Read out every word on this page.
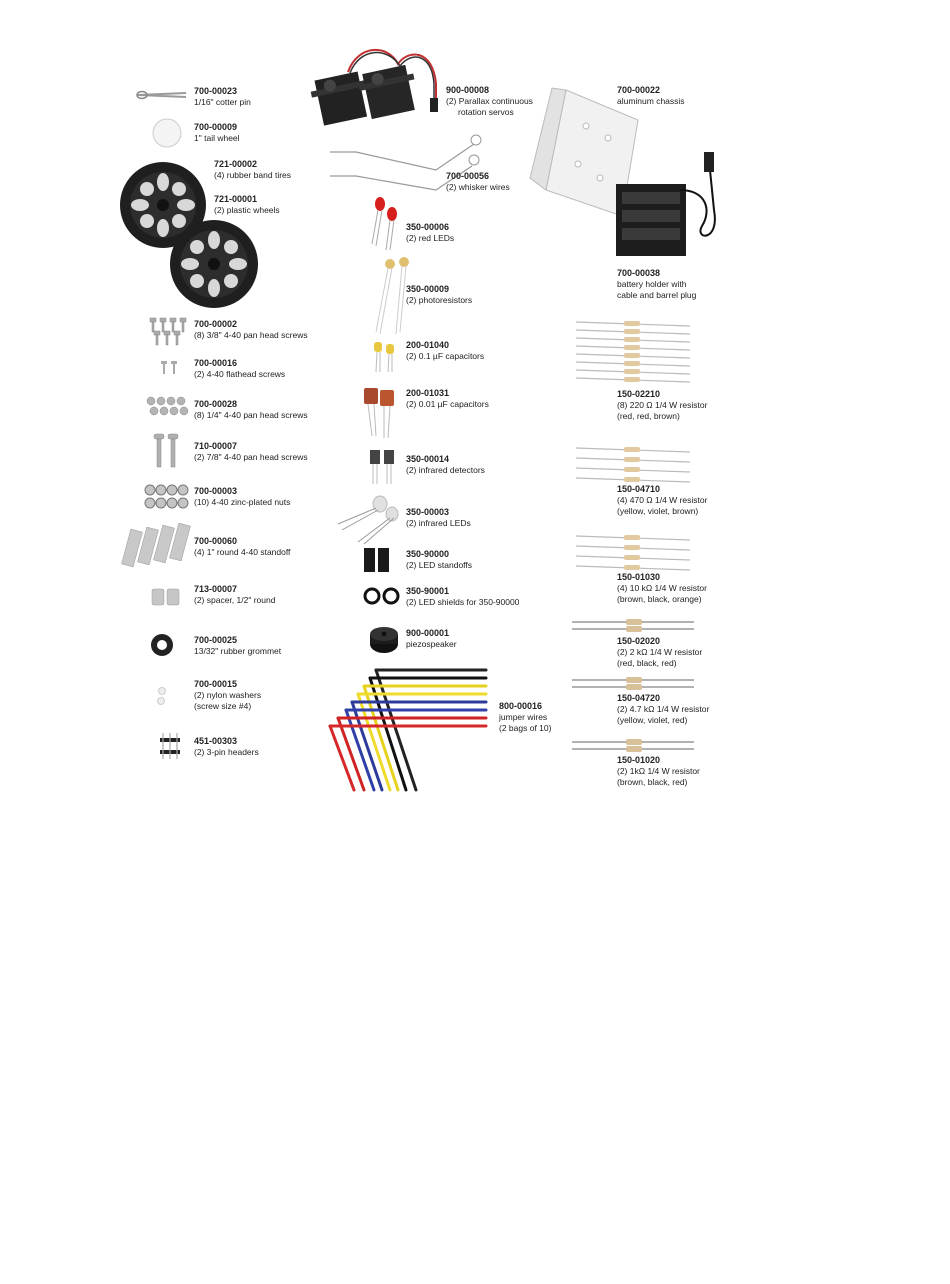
700-00023
1/16" cotter pin
700-00009
1" tail wheel
721-00002
(4) rubber band tires
721-00001
(2) plastic wheels
700-00002
(8) 3/8" 4-40 pan head screws
700-00016
(2) 4-40 flathead screws
700-00028
(8) 1/4" 4-40 pan head screws
710-00007
(2) 7/8" 4-40 pan head screws
700-00003
(10) 4-40 zinc-plated nuts
700-00060
(4) 1" round 4-40 standoff
713-00007
(2) spacer, 1/2" round
700-00025
13/32" rubber grommet
700-00015
(2) nylon washers
(screw size #4)
451-00303
(2) 3-pin headers
900-00008
(2) Parallax continuous
rotation servos
700-00056
(2) whisker wires
350-00006
(2) red LEDs
350-00009
(2) photoresistors
200-01040
(2) 0.1 µF capacitors
200-01031
(2) 0.01 µF capacitors
350-00014
(2) infrared detectors
350-00003
(2) infrared LEDs
350-90000
(2) LED standoffs
350-90001
(2) LED shields for 350-90000
900-00001
piezospeaker
800-00016
jumper wires
(2 bags of 10)
700-00022
aluminum chassis
700-00038
battery holder with
cable and barrel plug
150-02210
(8) 220 Ω 1/4 W resistor
(red, red, brown)
150-04710
(4) 470 Ω 1/4 W resistor
(yellow, violet, brown)
150-01030
(4) 10 kΩ 1/4 W resistor
(brown, black, orange)
150-02020
(2) 2 kΩ 1/4 W resistor
(red, black, red)
150-04720
(2) 4.7 kΩ 1/4 W resistor
(yellow, violet, red)
150-01020
(2) 1kΩ 1/4 W resistor
(brown, black, red)
